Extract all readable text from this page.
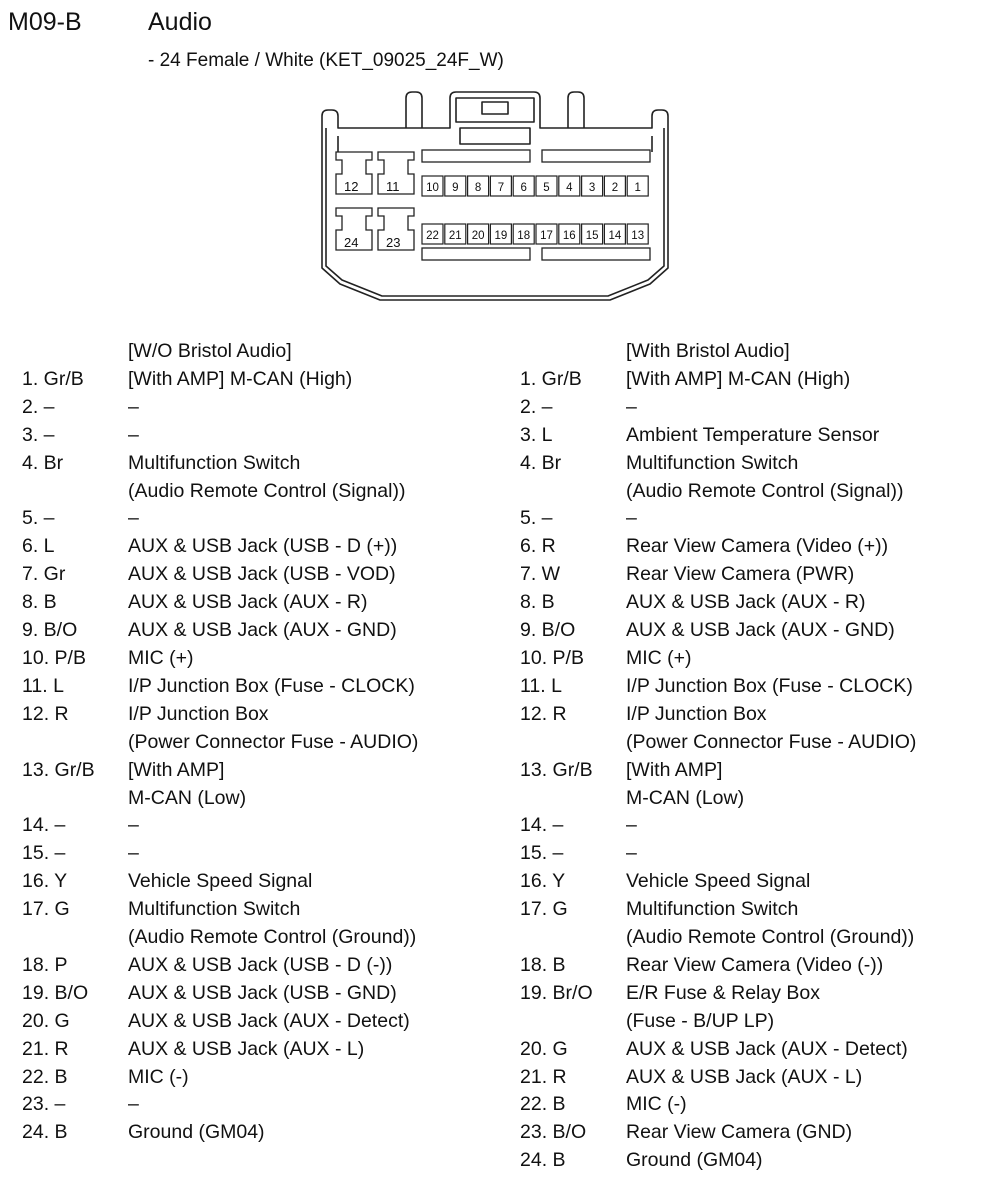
M09-B	Audio
- 24 Female / White (KET_09025_24F_W)
12 11
24 23
10 9 8 7 6 5 4 3 2 1
22 21 20 19 18 17 16 15 14 13
[W/O Bristol Audio]
1. Gr/B	[With AMP] M-CAN (High)
2. –	–
3. –	–
4. Br	Multifunction Switch
(Audio Remote Control (Signal))
5. –	–
6. L	AUX & USB Jack (USB - D (+))
7. Gr	AUX & USB Jack (USB - VOD)
8. B	AUX & USB Jack (AUX - R)
9. B/O	AUX & USB Jack (AUX - GND)
10. P/B	MIC (+)
11. L	I/P Junction Box (Fuse - CLOCK)
12. R	I/P Junction Box
(Power Connector Fuse - AUDIO)
13. Gr/B	[With AMP]
M-CAN (Low)
14. –	–
15. –	–
16. Y	Vehicle Speed Signal
17. G	Multifunction Switch
(Audio Remote Control (Ground))
18. P	AUX & USB Jack (USB - D (-))
19. B/O	AUX & USB Jack (USB - GND)
20. G	AUX & USB Jack (AUX - Detect)
21. R	AUX & USB Jack (AUX - L)
22. B	MIC (-)
23. –	–
24. B	Ground (GM04)
[With Bristol Audio]
1. Gr/B	[With AMP] M-CAN (High)
2. –	–
3. L	Ambient Temperature Sensor
4. Br	Multifunction Switch
(Audio Remote Control (Signal))
5. –	–
6. R	Rear View Camera (Video (+))
7. W	Rear View Camera (PWR)
8. B	AUX & USB Jack (AUX - R)
9. B/O	AUX & USB Jack (AUX - GND)
10. P/B	MIC (+)
11. L	I/P Junction Box (Fuse - CLOCK)
12. R	I/P Junction Box
(Power Connector Fuse - AUDIO)
13. Gr/B	[With AMP]
M-CAN (Low)
14. –	–
15. –	–
16. Y	Vehicle Speed Signal
17. G	Multifunction Switch
(Audio Remote Control (Ground))
18. B	Rear View Camera (Video (-))
19. Br/O	E/R Fuse & Relay Box
(Fuse - B/UP LP)
20. G	AUX & USB Jack (AUX - Detect)
21. R	AUX & USB Jack (AUX - L)
22. B	MIC (-)
23. B/O	Rear View Camera (GND)
24. B	Ground (GM04)
